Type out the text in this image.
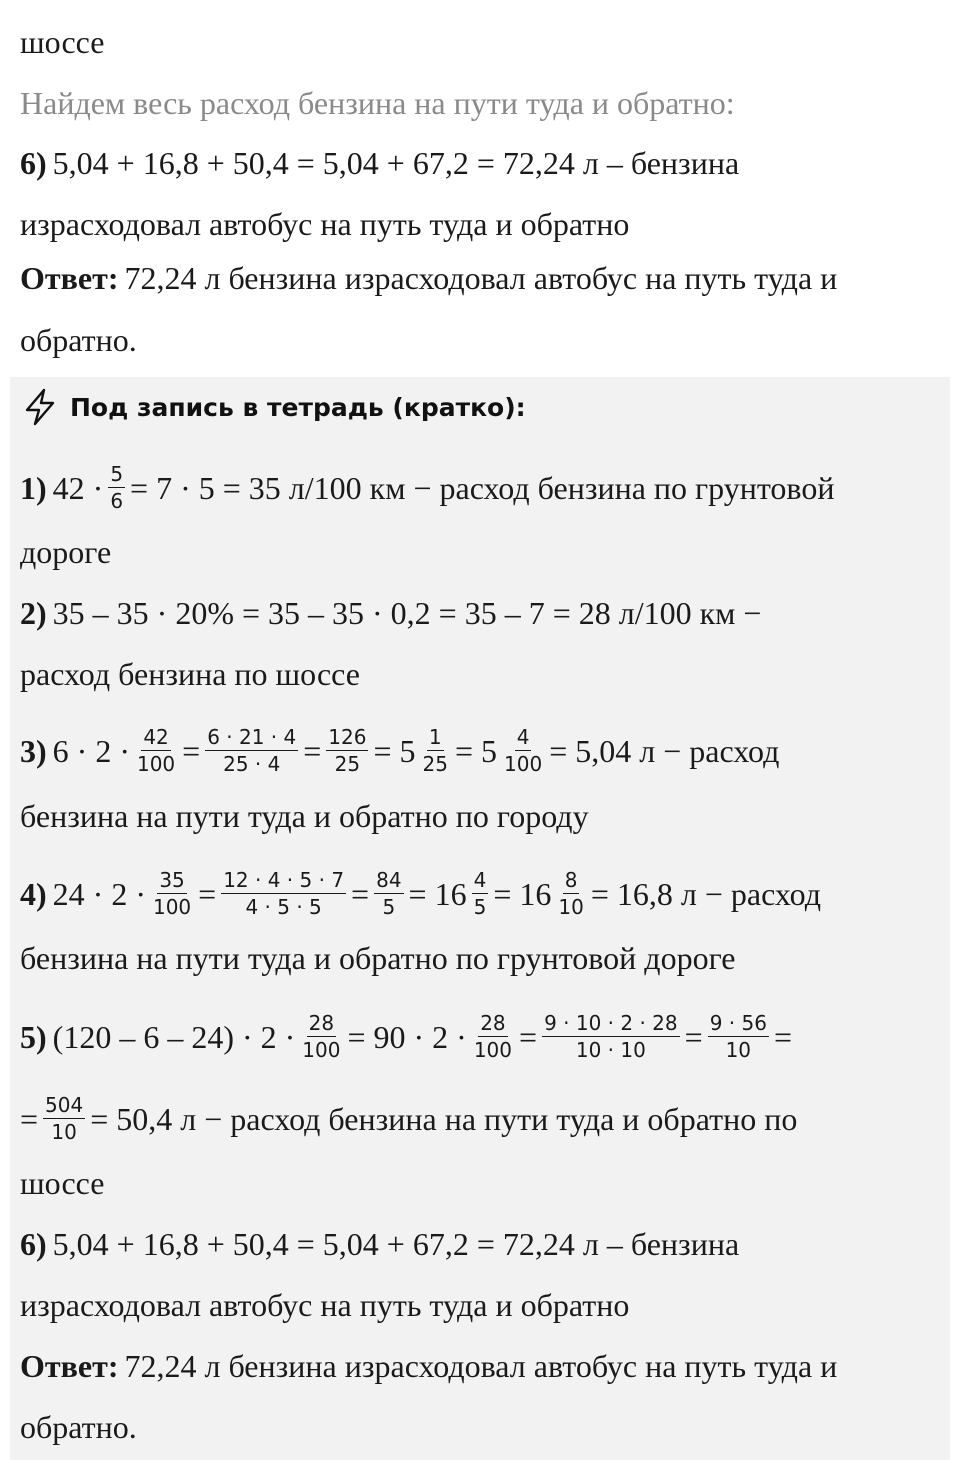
шоссе
Найдем весь расход бензина на пути туда и обратно:
6) 5,04 + 16,8 + 50,4 = 5,04 + 67,2 = 72,24 л – бензина
израсходовал автобус на путь туда и обратно
Ответ: 72,24 л бензина израсходовал автобус на путь туда и
обратно.
Под запись в тетрадь (кратко):
1) $42 \cdot \frac{5}{6} = 7 \cdot 5 = 35$ л/100 км − расход бензина по грунтовой
дороге
2) 35 – 35 · 20% = 35 – 35 · 0,2 = 35 – 7 = 28 л/100 км −
расход бензина по шоссе
3) $6 \cdot 2 \cdot \frac{42}{100} = \frac{6 \cdot 21 \cdot 4}{25 \cdot 4} = \frac{126}{25} = 5 \frac{1}{25} = 5 \frac{4}{100} = 5,04$ л − расход
бензина на пути туда и обратно по городу
4) $24 \cdot 2 \cdot \frac{35}{100} = \frac{12 \cdot 4 \cdot 5 \cdot 7}{4 \cdot 5 \cdot 5} = \frac{84}{5} = 16 \frac{4}{5} = 16 \frac{8}{10} = 16,8$ л − расход
бензина на пути туда и обратно по грунтовой дороге
5) $(120 - 6 - 24) \cdot 2 \cdot \frac{28}{100} = 90 \cdot 2 \cdot \frac{28}{100} = \frac{9 \cdot 10 \cdot 2 \cdot 28}{10 \cdot 10} = \frac{9 \cdot 56}{10}$ =
= $\frac{504}{10} = 50,4$ л − расход бензина на пути туда и обратно по
шоссе
6) 5,04 + 16,8 + 50,4 = 5,04 + 67,2 = 72,24 л – бензина
израсходовал автобус на путь туда и обратно
Ответ: 72,24 л бензина израсходовал автобус на путь туда и
обратно.
